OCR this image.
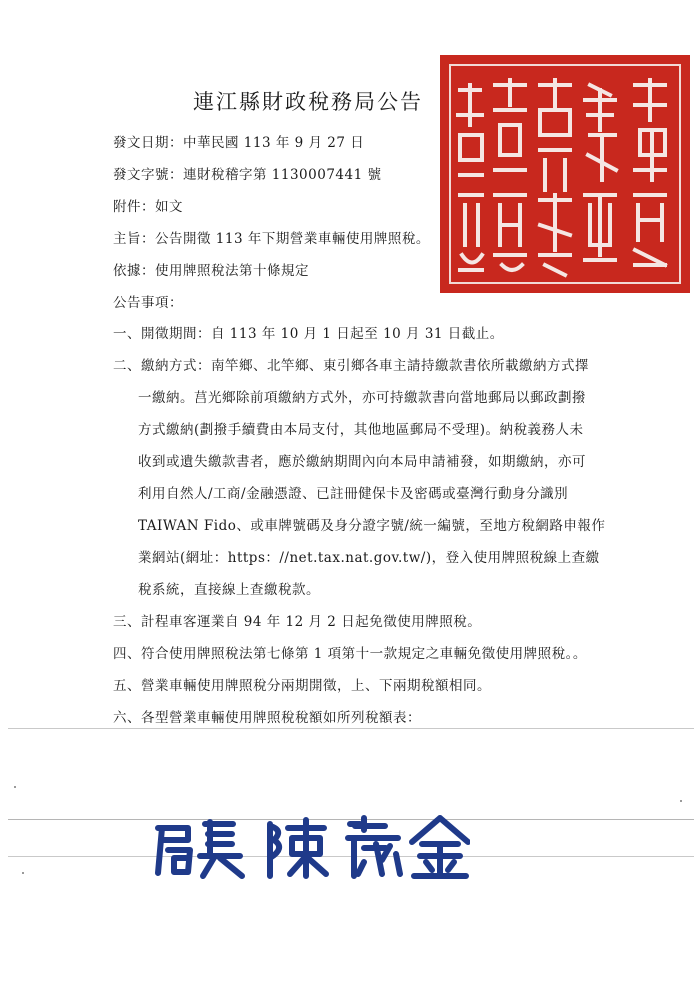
連江縣財政稅務局公告
發文日期：中華民國 113 年 9 月 27 日
發文字號：連財稅稽字第 1130007441 號
附件：如文
主旨：公告開徵 113 年下期營業車輛使用牌照稅。
依據：使用牌照稅法第十條規定
公告事項：
一、開徵期間：自 113 年 10 月 1 日起至 10 月 31 日截止。
二、繳納方式：南竿鄉、北竿鄉、東引鄉各車主請持繳款書依所載繳納方式擇
一繳納。莒光鄉除前項繳納方式外，亦可持繳款書向當地郵局以郵政劃撥
方式繳納(劃撥手續費由本局支付，其他地區郵局不受理)。納稅義務人未
收到或遺失繳款書者，應於繳納期間內向本局申請補發，如期繳納，亦可
利用自然人/工商/金融憑證、已註冊健保卡及密碼或臺灣行動身分識別
TAIWAN Fido、或車牌號碼及身分證字號/統一編號，至地方稅網路申報作
業網站(網址：https：//net.tax.nat.gov.tw/)，登入使用牌照稅線上查繳
稅系統，直接線上查繳稅款。
三、計程車客運業自 94 年 12 月 2 日起免徵使用牌照稅。
四、符合使用牌照稅法第七條第 1 項第十一款規定之車輛免徵使用牌照稅。。
五、營業車輛使用牌照稅分兩期開徵，上、下兩期稅額相同。
六、各型營業車輛使用牌照稅稅額如所列稅額表：
